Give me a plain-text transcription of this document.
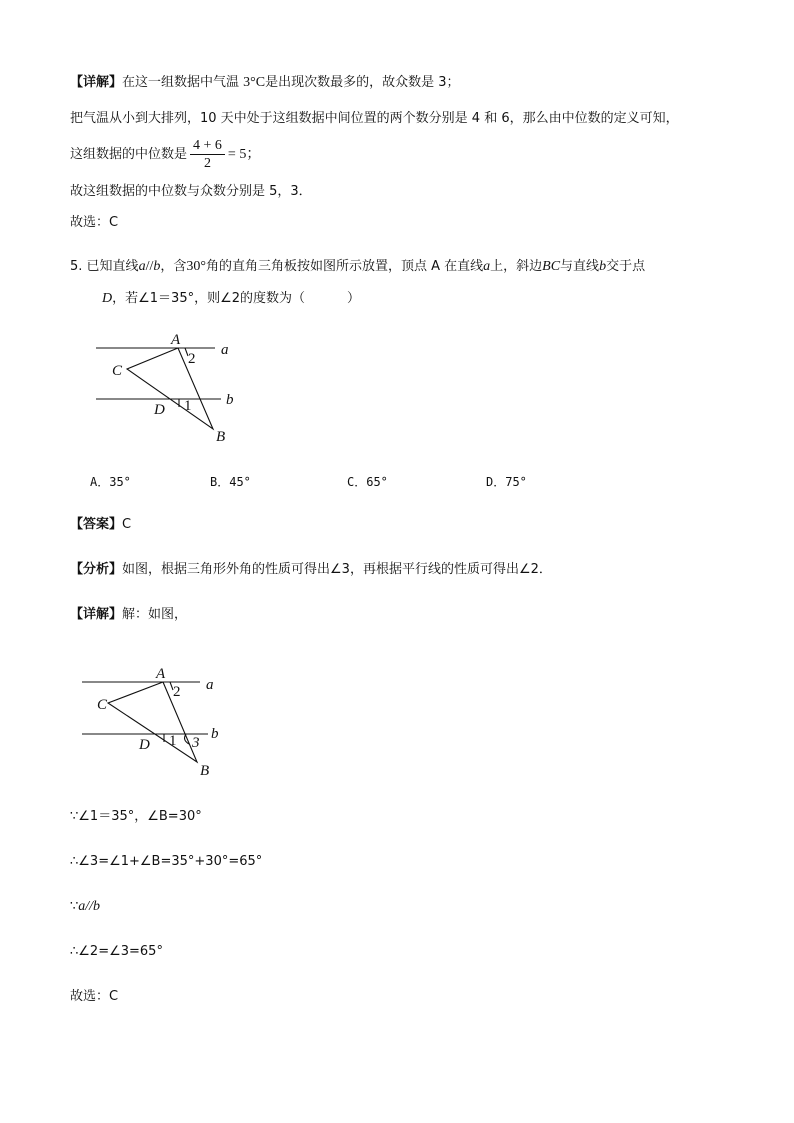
【详解】在这一组数据中气温 3°C是出现次数最多的，故众数是 3；
把气温从小到大排列，10 天中处于这组数据中间位置的两个数分别是 4 和 6，那么由中位数的定义可知，
这组数据的中位数是 $\frac{4 + 6}{2} = 5$；
故这组数据的中位数与众数分别是 5，3．
故选：C
5. 已知直线a//b，含30°角的直角三角板按如图所示放置，顶点 A 在直线a上，斜边BC与直线b交于点
D，若∠1＝35°，则∠2的度数为（	）
A
a
C
2
D 1 b
B
A．35°	B．45°	C．65°	D．75°
【答案】C
【分析】如图，根据三角形外角的性质可得出∠3，再根据平行线的性质可得出∠2．
【详解】解：如图，
A
a
C
2
D 1 3
b
B
∵∠1＝35°，∠B=30°
∴∠3=∠1+∠B=35°+30°=65°
∵a//b
∴∠2=∠3=65°
故选：C
